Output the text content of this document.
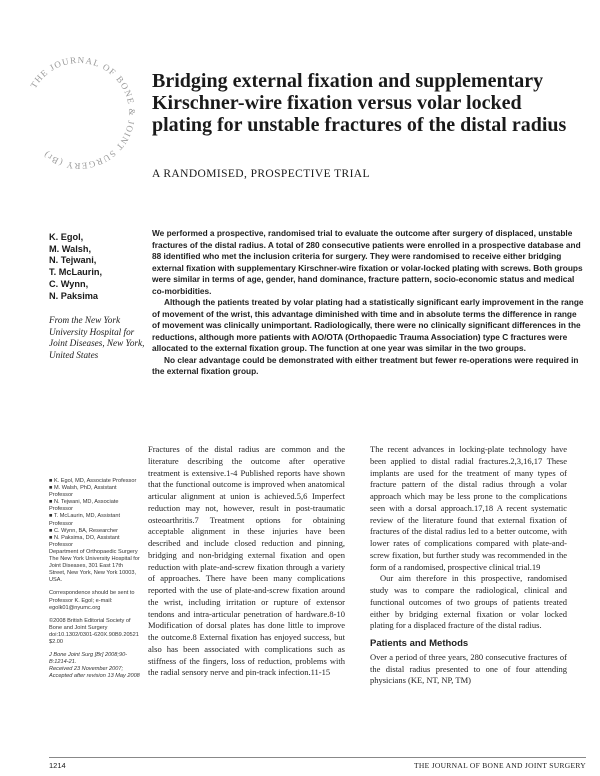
THE JOURNAL OF BONE & JOINT SURGERY (Br)
Bridging external fixation and supplementary Kirschner-wire fixation versus volar locked plating for unstable fractures of the distal radius
A RANDOMISED, PROSPECTIVE TRIAL
K. Egol,
M. Walsh,
N. Tejwani,
T. McLaurin,
C. Wynn,
N. Paksima
From the New York University Hospital for Joint Diseases, New York, United States

We performed a prospective, randomised trial to evaluate the outcome after surgery of displaced, unstable fractures of the distal radius. A total of 280 consecutive patients were enrolled in a prospective database and 88 identified who met the inclusion criteria for surgery. They were randomised to receive either bridging external fixation with supplementary Kirschner-wire fixation or volar-locked plating with screws. Both groups were similar in terms of age, gender, hand dominance, fracture pattern, socio-economic status and medical co-morbidities.

Although the patients treated by volar plating had a statistically significant early improvement in the range of movement of the wrist, this advantage diminished with time and in absolute terms the difference in range of movement was clinically unimportant. Radiologically, there were no clinically significant differences in the reductions, although more patients with AO/OTA (Orthopaedic Trauma Association) type C fractures were allocated to the external fixation group. The function at one year was similar in the two groups.

No clear advantage could be demonstrated with either treatment but fewer re-operations were required in the external fixation group.

■ K. Egol, MD, Associate Professor
■ M. Walsh, PhD, Assistant Professor
■ N. Tejwani, MD, Associate Professor
■ T. McLaurin, MD, Assistant Professor
■ C. Wynn, BA, Researcher
■ N. Paksima, DO, Assistant Professor
Department of Orthopaedic Surgery
The New York University Hospital for Joint Diseases, 301 East 17th Street, New York, New York 10003, USA.
Correspondence should be sent to Professor K. Egol; e-mail: egolk01@nyumc.org
©2008 British Editorial Society of Bone and Joint Surgery doi:10.1302/0301-620X.90B9.20521 $2.00
J Bone Joint Surg [Br] 2008;90-B:1214-21.
Received 23 November 2007; Accepted after revision 13 May 2008

Fractures of the distal radius are common and the literature describing the outcome after operative treatment is extensive.1-4 Published reports have shown that the functional outcome is improved when anatomical articular alignment at union is achieved.5,6 Imperfect reduction may not, however, result in post-traumatic osteoarthritis.7 Treatment options for obtaining acceptable alignment in these injuries have been described and include closed reduction and pinning, bridging and non-bridging external fixation and open reduction with plate-and-screw fixation through a variety of approaches. There have been many complications reported with the use of plate-and-screw fixation around the wrist, including irritation or rupture of extensor tendons and intra-articular penetration of hardware.8-10 Modification of dorsal plates has done little to improve the outcome.8 External fixation has enjoyed success, but also has been associated with complications such as stiffness of the fingers, loss of reduction, problems with the radial sensory nerve and pin-track infection.11-15

The recent advances in locking-plate technology have been applied to distal radial fractures.2,3,16,17 These implants are used for the treatment of many types of fracture pattern of the distal radius through a volar approach which may be less prone to the complications seen with a dorsal approach.17,18 A recent systematic review of the literature found that external fixation of fractures of the distal radius led to a better outcome, with lower rates of complications compared with plate-and-screw fixation, but further study was recommended in the form of a randomised, prospective clinical trial.19

Our aim therefore in this prospective, randomised study was to compare the radiological, clinical and functional outcomes of two groups of patients treated either by bridging external fixation or volar locked plating for a displaced fracture of the distal radius.

Patients and Methods

Over a period of three years, 280 consecutive fractures of the distal radius presented to one of four attending physicians (KE, NT, NP, TM)

1214	THE JOURNAL OF BONE AND JOINT SURGERY
